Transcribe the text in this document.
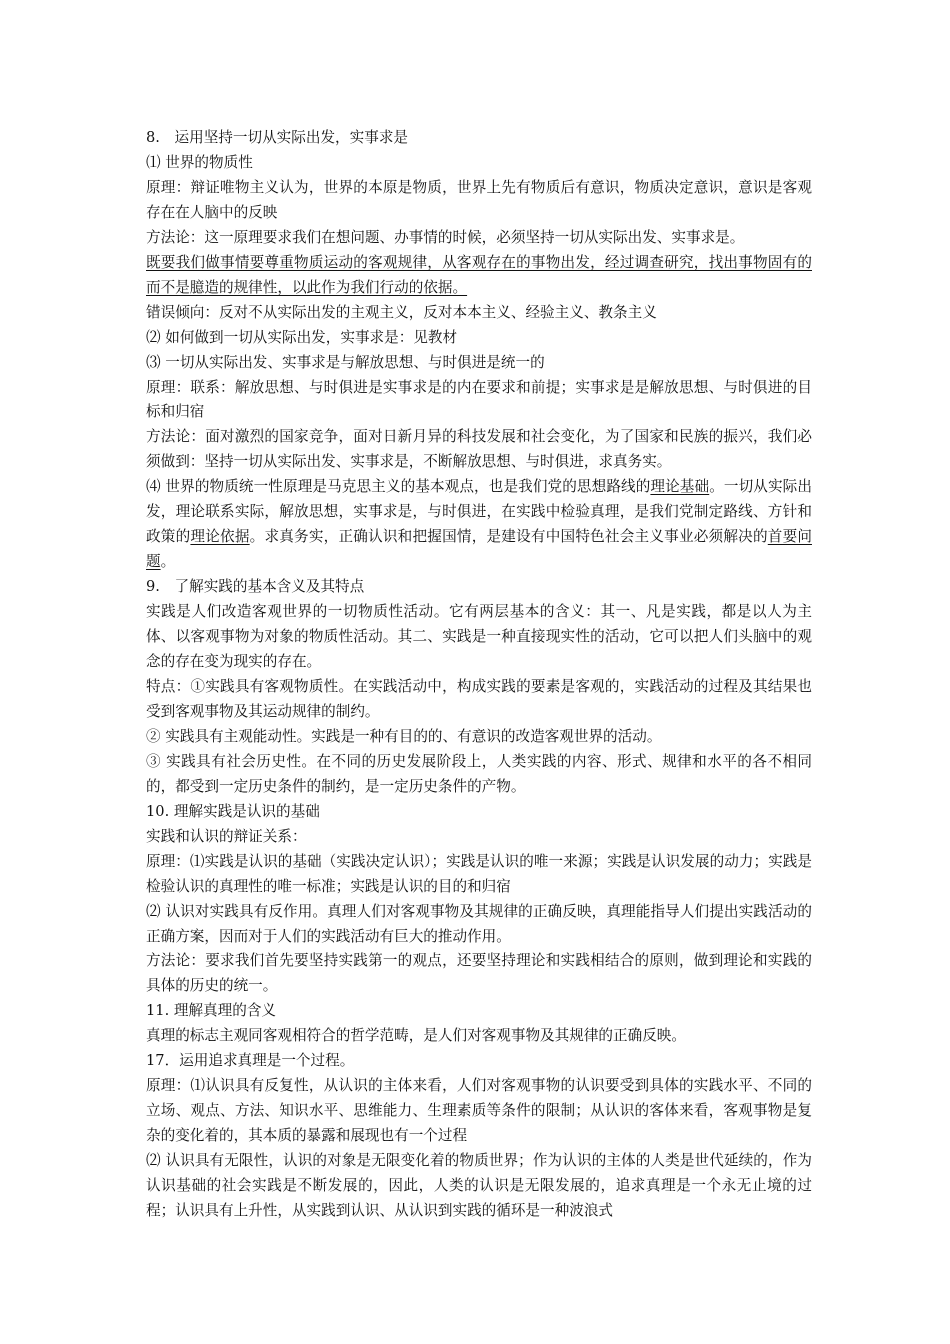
8.　运用坚持一切从实际出发，实事求是
⑴ 世界的物质性
原理：辩证唯物主义认为，世界的本原是物质，世界上先有物质后有意识，物质决定意识，意识是客观存在在人脑中的反映
方法论：这一原理要求我们在想问题、办事情的时候，必须坚持一切从实际出发、实事求是。
既要我们做事情要尊重物质运动的客观规律，从客观存在的事物出发，经过调查研究，找出事物固有的而不是臆造的规律性，以此作为我们行动的依据。
错误倾向：反对不从实际出发的主观主义，反对本本主义、经验主义、教条主义
⑵ 如何做到一切从实际出发，实事求是：见教材
⑶ 一切从实际出发、实事求是与解放思想、与时俱进是统一的
原理：联系：解放思想、与时俱进是实事求是的内在要求和前提；实事求是是解放思想、与时俱进的目标和归宿
方法论：面对激烈的国家竞争，面对日新月异的科技发展和社会变化，为了国家和民族的振兴，我们必须做到：坚持一切从实际出发、实事求是，不断解放思想、与时俱进，求真务实。
⑷ 世界的物质统一性原理是马克思主义的基本观点，也是我们党的思想路线的理论基础。一切从实际出发，理论联系实际，解放思想，实事求是，与时俱进，在实践中检验真理，是我们党制定路线、方针和政策的理论依据。求真务实，正确认识和把握国情，是建设有中国特色社会主义事业必须解决的首要问题。
9.　了解实践的基本含义及其特点
实践是人们改造客观世界的一切物质性活动。它有两层基本的含义：其一、凡是实践，都是以人为主体、以客观事物为对象的物质性活动。其二、实践是一种直接现实性的活动，它可以把人们头脑中的观念的存在变为现实的存在。
特点：①实践具有客观物质性。在实践活动中，构成实践的要素是客观的，实践活动的过程及其结果也受到客观事物及其运动规律的制约。
② 实践具有主观能动性。实践是一种有目的的、有意识的改造客观世界的活动。
③ 实践具有社会历史性。在不同的历史发展阶段上，人类实践的内容、形式、规律和水平的各不相同的，都受到一定历史条件的制约，是一定历史条件的产物。
10. 理解实践是认识的基础
实践和认识的辩证关系：
原理：⑴实践是认识的基础（实践决定认识）；实践是认识的唯一来源；实践是认识发展的动力；实践是检验认识的真理性的唯一标准；实践是认识的目的和归宿
⑵ 认识对实践具有反作用。真理人们对客观事物及其规律的正确反映，真理能指导人们提出实践活动的正确方案，因而对于人们的实践活动有巨大的推动作用。
方法论：要求我们首先要坚持实践第一的观点，还要坚持理论和实践相结合的原则，做到理论和实践的具体的历史的统一。
11. 理解真理的含义
真理的标志主观同客观相符合的哲学范畴，是人们对客观事物及其规律的正确反映。
17．运用追求真理是一个过程。
原理：⑴认识具有反复性，从认识的主体来看，人们对客观事物的认识要受到具体的实践水平、不同的立场、观点、方法、知识水平、思维能力、生理素质等条件的限制；从认识的客体来看，客观事物是复杂的变化着的，其本质的暴露和展现也有一个过程
⑵ 认识具有无限性，认识的对象是无限变化着的物质世界；作为认识的主体的人类是世代延续的，作为认识基础的社会实践是不断发展的，因此，人类的认识是无限发展的，追求真理是一个永无止境的过程；认识具有上升性，从实践到认识、从认识到实践的循环是一种波浪式
